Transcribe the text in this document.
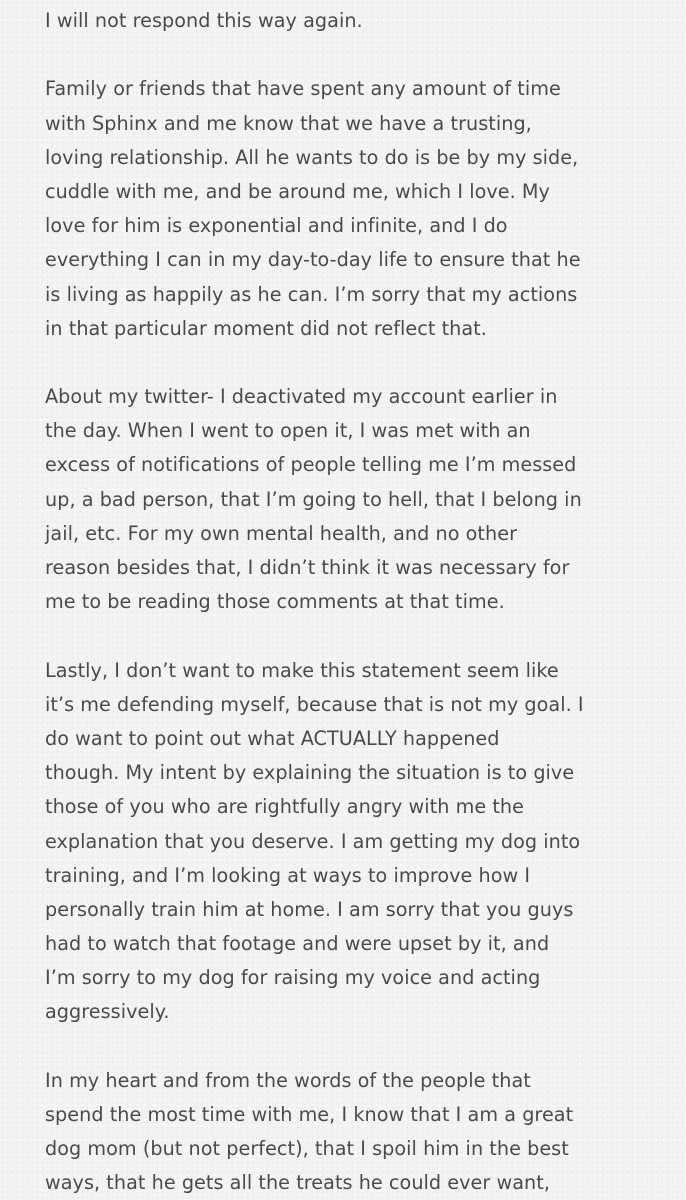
I will not respond this way again.
Family or friends that have spent any amount of time
with Sphinx and me know that we have a trusting,
loving relationship. All he wants to do is be by my side,
cuddle with me, and be around me, which I love. My
love for him is exponential and infinite, and I do
everything I can in my day-to-day life to ensure that he
is living as happily as he can. I’m sorry that my actions
in that particular moment did not reflect that.
About my twitter- I deactivated my account earlier in
the day. When I went to open it, I was met with an
excess of notifications of people telling me I’m messed
up, a bad person, that I’m going to hell, that I belong in
jail, etc. For my own mental health, and no other
reason besides that, I didn’t think it was necessary for
me to be reading those comments at that time.
Lastly, I don’t want to make this statement seem like
it’s me defending myself, because that is not my goal. I
do want to point out what ACTUALLY happened
though. My intent by explaining the situation is to give
those of you who are rightfully angry with me the
explanation that you deserve. I am getting my dog into
training, and I’m looking at ways to improve how I
personally train him at home. I am sorry that you guys
had to watch that footage and were upset by it, and
I’m sorry to my dog for raising my voice and acting
aggressively.
In my heart and from the words of the people that
spend the most time with me, I know that I am a great
dog mom (but not perfect), that I spoil him in the best
ways, that he gets all the treats he could ever want,
